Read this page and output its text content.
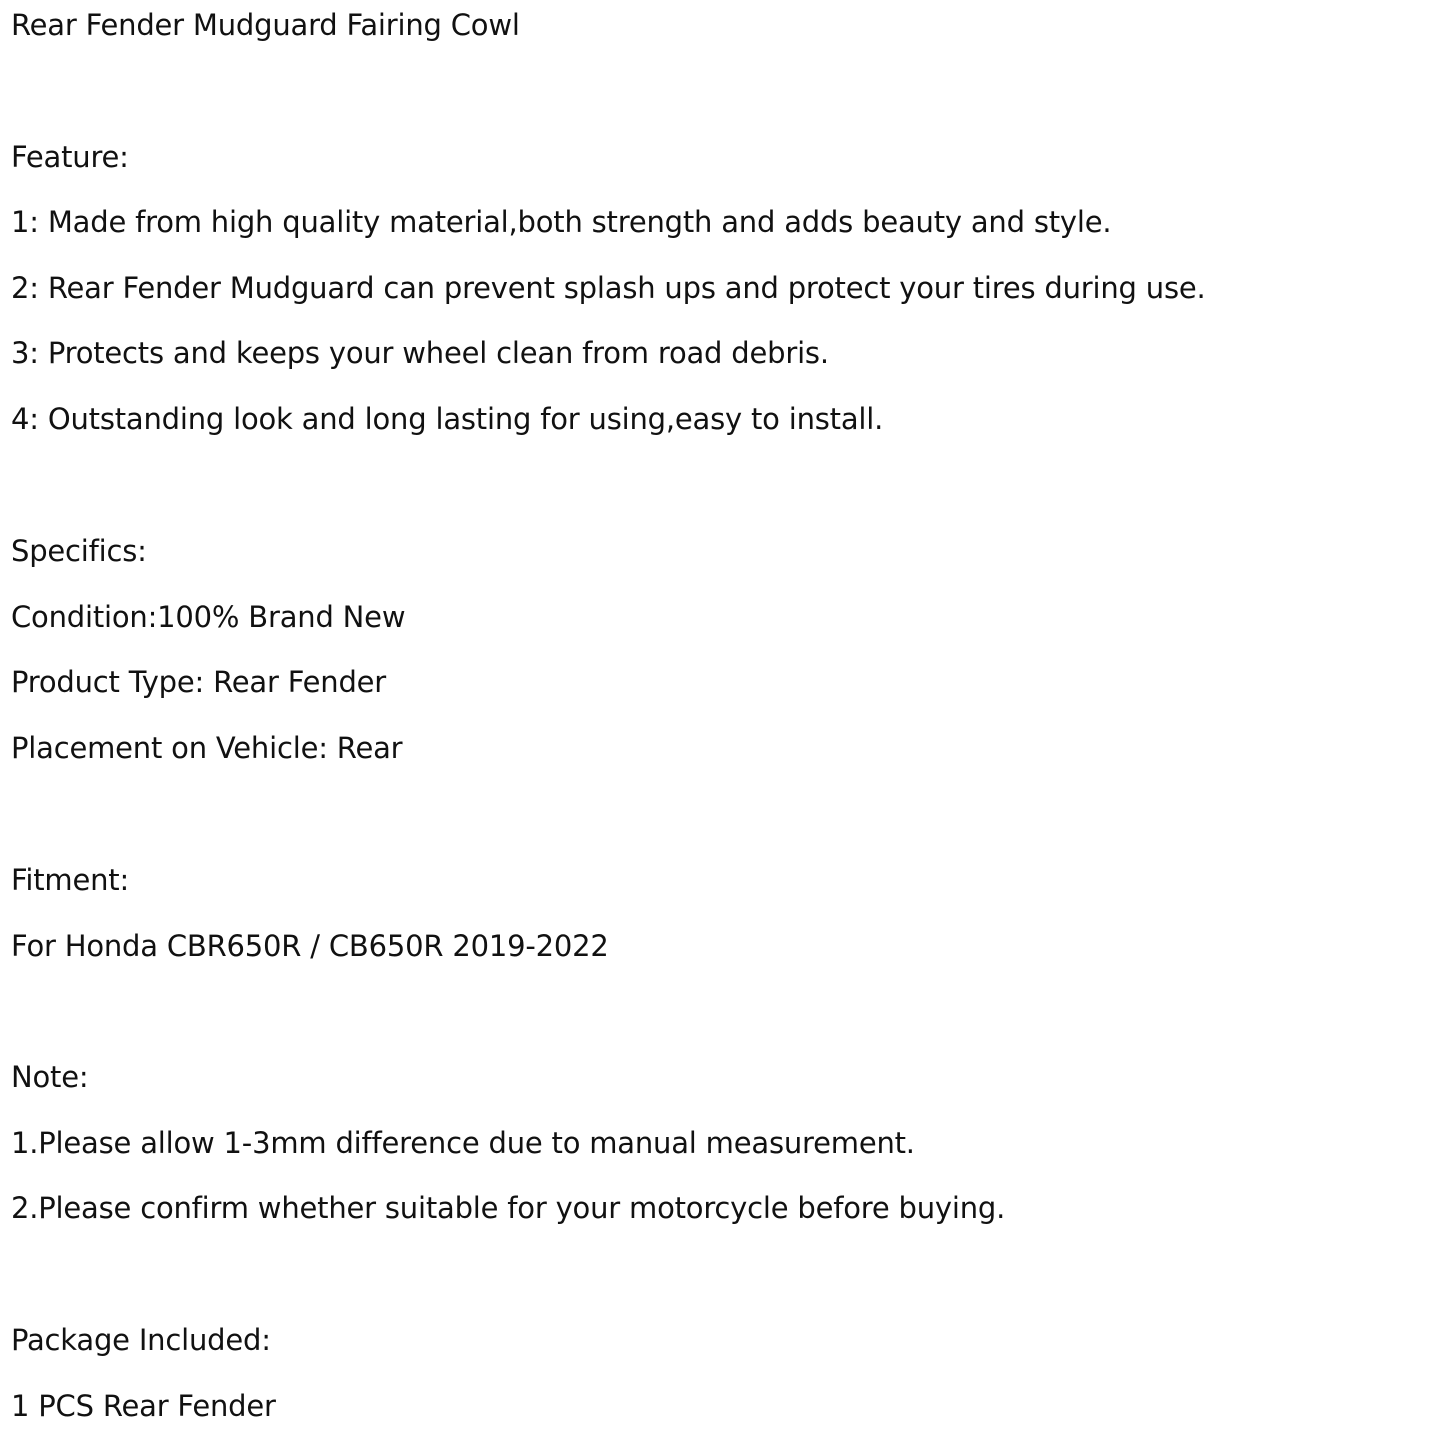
Rear Fender Mudguard Fairing Cowl
Feature:
1: Made from high quality material,both strength and adds beauty and style.
2: Rear Fender Mudguard can prevent splash ups and protect your tires during use.
3: Protects and keeps your wheel clean from road debris.
4: Outstanding look and long lasting for using,easy to install.
Specifics:
Condition:100% Brand New
Product Type: Rear Fender
Placement on Vehicle: Rear
Fitment:
For Honda CBR650R / CB650R 2019-2022
Note:
1.Please allow 1-3mm difference due to manual measurement.
2.Please confirm whether suitable for your motorcycle before buying.
Package Included:
1 PCS Rear Fender
